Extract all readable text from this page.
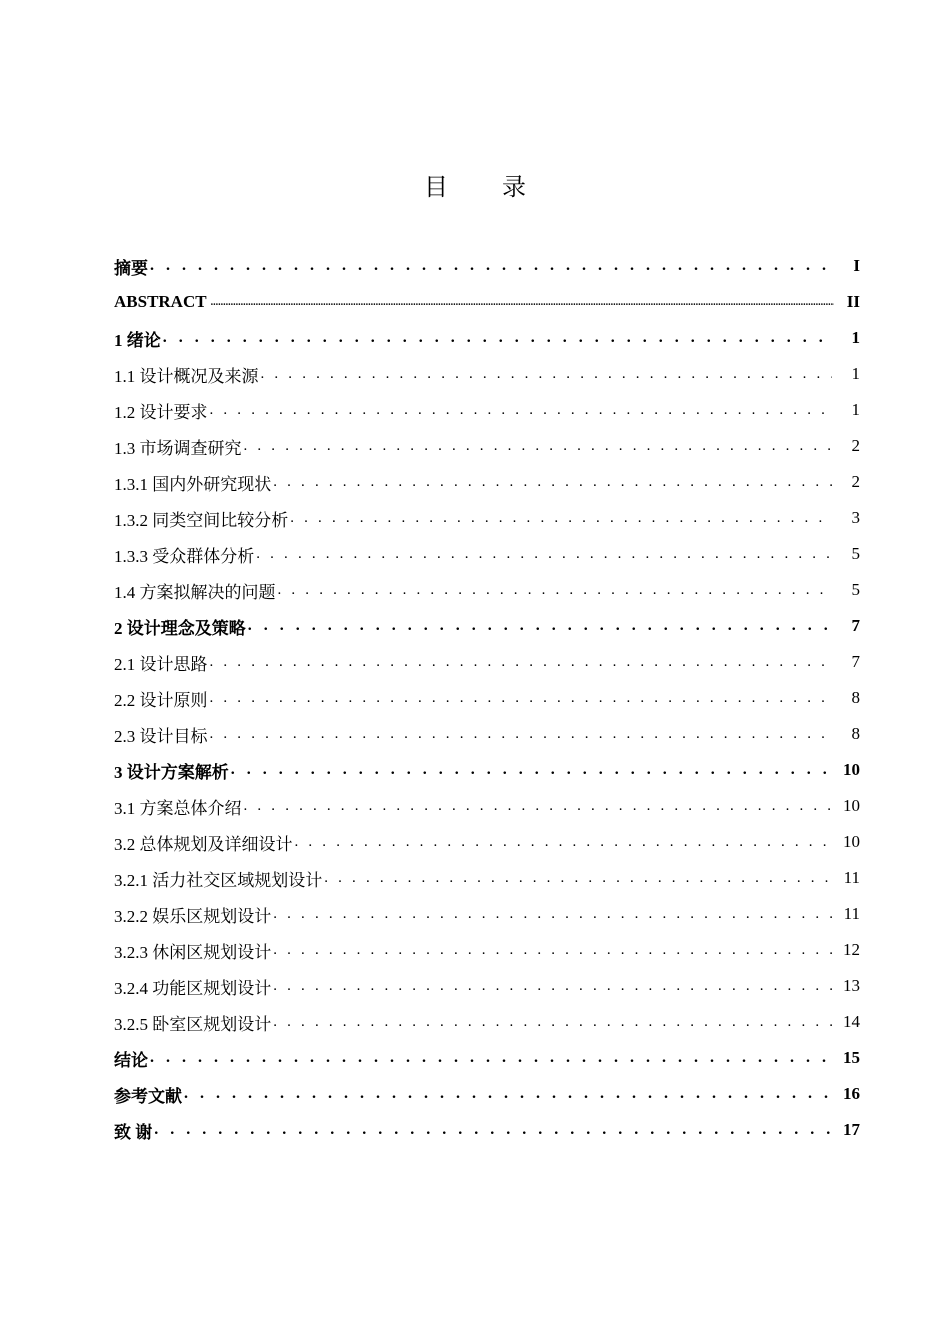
目 录
摘要 . . .	I
ABSTRACT .....	II
1 绪论 . . .	1
1.1 设计概况及来源 . . .	1
1.2 设计要求 . . .	1
1.3 市场调查研究 . . .	2
1.3.1 国内外研究现状 . . .	2
1.3.2 同类空间比较分析 . . .	3
1.3.3 受众群体分析 . . .	5
1.4 方案拟解决的问题 . . .	5
2 设计理念及策略 . . .	7
2.1 设计思路 . . .	7
2.2 设计原则 . . .	8
2.3 设计目标 . . .	8
3 设计方案解析 . . .	10
3.1 方案总体介绍 . . .	10
3.2 总体规划及详细设计 . . .	10
3.2.1 活力社交区域规划设计 . . .	11
3.2.2 娱乐区规划设计 . . .	11
3.2.3 休闲区规划设计 . . .	12
3.2.4 功能区规划设计 . . .	13
3.2.5 卧室区规划设计 . . .	14
结论 . . .	15
参考文献 . . .	16
致 谢 . . .	17
